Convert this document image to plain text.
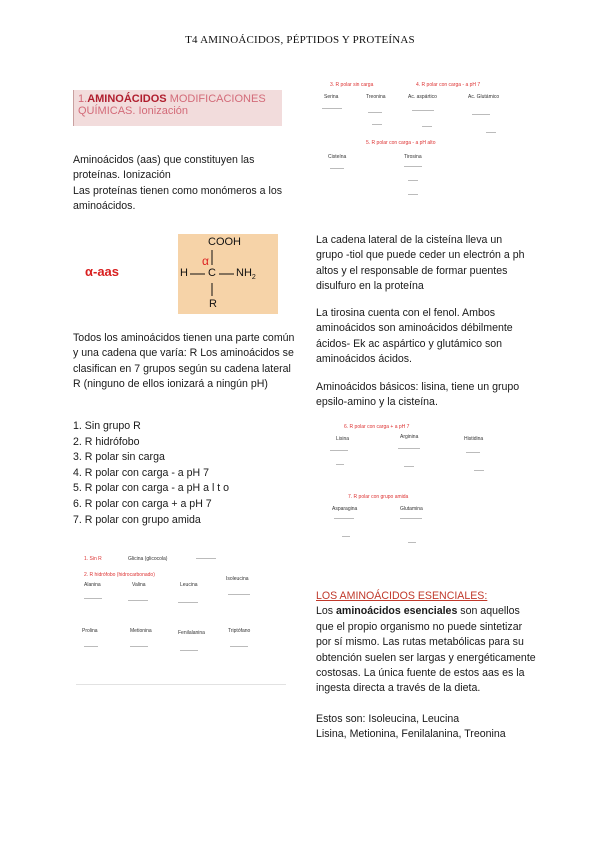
T4 AMINOÁCIDOS, PÉPTIDOS Y PROTEÍNAS
1.AMINOÁCIDOS MODIFICACIONES QUÍMICAS. Ionización
Aminoácidos (aas) que constituyen las proteínas. Ionización
Las proteínas tienen como monómeros a los aminoácidos.
α-aas
COOH
α
H C $NH_2$
R
Todos los aminoácidos tienen una parte común y una cadena que varía: R Los aminoácidos se clasifican en 7 grupos según su cadena lateral R (ninguno de ellos ionizará a ningún pH)
1. Sin grupo R
2. R hidrófobo
3. R polar sin carga
4. R polar con carga - a pH 7
5. R polar con carga - a pH a l t o
6. R polar con carga + a pH 7
7. R polar con grupo amida
3. R polar sin carga	4. R polar con carga - a pH 7
Serina	Treonina	Ac. aspártico	Ac. Glutámico
5. R polar con carga - a pH alto
Cisteína	Tirosina
La cadena lateral de la cisteína lleva un grupo -tiol que puede ceder un electrón a ph altos y el responsable de formar puentes disulfuro en la proteína
La tirosina cuenta con el fenol. Ambos aminoácidos son aminoácidos débilmente ácidos- Ek ac aspártico y glutámico son aminoácidos ácidos.
Aminoácidos básicos: lisina, tiene un grupo epsilo-amino y la cisteína.
6. R polar con carga + a pH 7
Lisina	Arginina	Histidina
7. R polar con grupo amida
Asparagina	Glutamina
1. Sin R	Glicina (glicocola)
2. R hidrófobo (hidrocarbonado)
Alanina	Valina	Leucina
Isoleucina
Prolina	Metionina	Fenilalanina	Triptófano
LOS AMINOÁCIDOS ESENCIALES:
Los aminoácidos esenciales son aquellos que el propio organismo no puede sintetizar por sí mismo. Las rutas metabólicas para su obtención suelen ser largas y energéticamente costosas. La única fuente de estos aas es la ingesta directa a través de la dieta.
Estos son: Isoleucina, Leucina
Lisina, Metionina, Fenilalanina, Treonina
